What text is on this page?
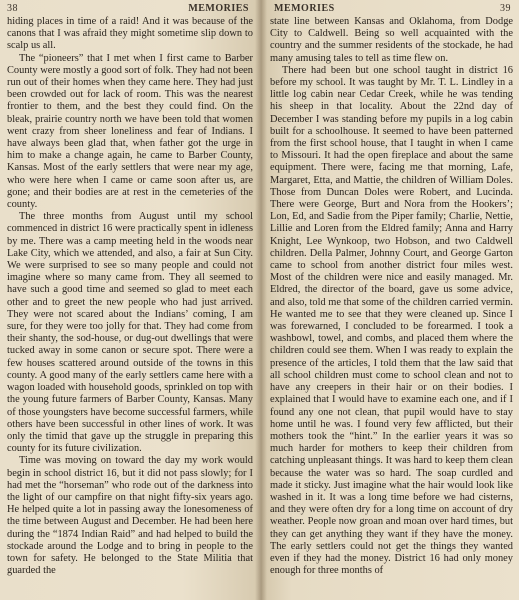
38	MEMORIES

hiding places in time of a raid! And it was because of the canons that I was afraid they might sometime slip down to scalp us all.

The “pioneers” that I met when I first came to Barber County were mostly a good sort of folk. They had not been run out of their homes when they came here. They had just been crowded out for lack of room. This was the nearest frontier to them, and the best they could find. On the bleak, prairie country north we have been told that women went crazy from sheer loneliness and fear of Indians. I have always been glad that, when father got the urge in him to make a change again, he came to Barber County, Kansas. Most of the early settlers that were near my age, who were here when I came or came soon after us, are gone; and their bodies are at rest in the cemeteries of the county.

The three months from August until my school commenced in district 16 were practically spent in idleness by me. There was a camp meeting held in the woods near Lake City, which we attended, and also, a fair at Sun City. We were surprised to see so many people and could not imagine where so many came from. They all seemed to have such a good time and seemed so glad to meet each other and to greet the new people who had just arrived. They were not scared about the Indians’ coming, I am sure, for they were too jolly for that. They had come from their shanty, the sod-house, or dug-out dwellings that were tucked away in some canon or secure spot. There were a few houses scattered around outside of the towns in this county. A good many of the early settlers came here with a wagon loaded with household goods, sprinkled on top with the young future farmers of Barber County, Kansas. Many of those youngsters have become successful farmers, while others have been successful in other lines of work. It was only the timid that gave up the struggle in preparing this county for its future civilization.

Time was moving on toward the day my work would begin in school district 16, but it did not pass slowly; for I had met the “horseman” who rode out of the darkness into the light of our campfire on that night fifty-six years ago. He helped quite a lot in passing away the lonesomeness of the time between August and December. He had been here during the “1874 Indian Raid” and had helped to build the stockade around the Lodge and to bring in people to the town for safety. He belonged to the State Militia that guarded the

MEMORIES	39

state line between Kansas and Oklahoma, from Dodge City to Caldwell. Being so well acquainted with the country and the summer residents of the stockade, he had many amusing tales to tell as time flew on.

There had been but one school taught in district 16 before my school. It was taught by Mr. T. L. Lindley in a little log cabin near Cedar Creek, while he was tending his sheep in that locality. About the 22nd day of December I was standing before my pupils in a log cabin built for a schoolhouse. It seemed to have been patterned from the first school house, that I taught in when I came to Missouri. It had the open fireplace and about the same equipment. There were, facing me that morning, Lafe, Margaret, Etta, and Mattie, the children of William Doles. Those from Duncan Doles were Robert, and Lucinda. There were George, Burt and Nora from the Hookers’; Lon, Ed, and Sadie from the Piper family; Charlie, Nettie, Lillie and Loren from the Eldred family; Anna and Harry Knight, Lee Wynkoop, two Hobson, and two Caldwell children. Della Palmer, Johnny Court, and George Garton came to school from another district four miles west. Most of the children were nice and easily managed. Mr. Eldred, the director of the board, gave us some advice, and also, told me that some of the children carried vermin. He wanted me to see that they were cleaned up. Since I was forewarned, I concluded to be forearmed. I took a washbowl, towel, and combs, and placed them where the children could see them. When I was ready to explain the presence of the articles, I told them that the law said that all school children must come to school clean and not to have any creepers in their hair or on their bodies. I explained that I would have to examine each one, and if I found any one not clean, that pupil would have to stay home until he was. I found very few afflicted, but their mothers took the “hint.” In the earlier years it was so much harder for mothers to keep their children from catching unpleasant things. It was hard to keep them clean because the water was so hard. The soap curdled and made it sticky. Just imagine what the hair would look like washed in it. It was a long time before we had cisterns, and they were often dry for a long time on account of dry weather. People now groan and moan over hard times, but they can get anything they want if they have the money. The early settlers could not get the things they wanted even if they had the money. District 16 had only money enough for three months of
